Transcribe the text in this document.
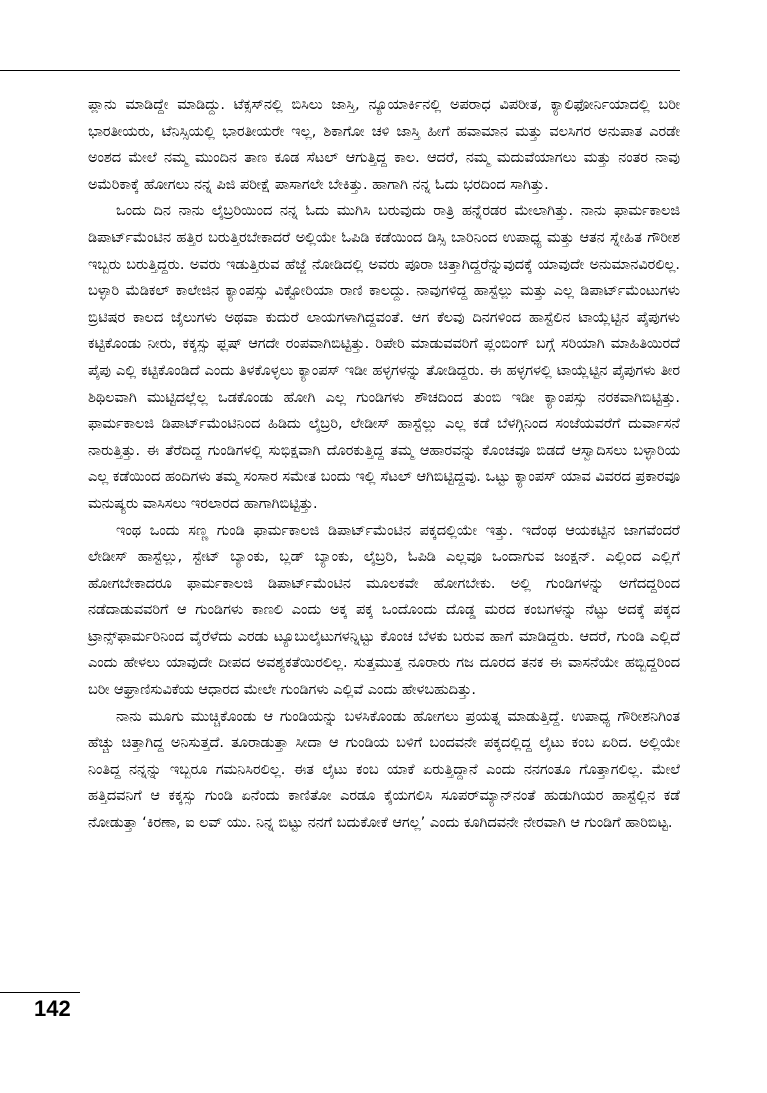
ಪ್ಲಾನು ಮಾಡಿದ್ದೇ ಮಾಡಿದ್ದು. ಟೆಕ್ಸಸ್‌ನಲ್ಲಿ ಬಿಸಿಲು ಜಾಸ್ತಿ, ನ್ಯೂಯಾರ್ಕಿನಲ್ಲಿ ಅಪರಾಧ ವಿಪರೀತ, ಕ್ಯಾಲಿಫೋರ್ನಿಯಾದಲ್ಲಿ ಬರೀ ಭಾರತೀಯರು, ಟೆನಿಸ್ಸಿಯಲ್ಲಿ ಭಾರತೀಯರೇ ಇಲ್ಲ, ಶಿಕಾಗೋ ಚಳಿ ಜಾಸ್ತಿ ಹೀಗೆ ಹವಾಮಾನ ಮತ್ತು ವಲಸಿಗರ ಅನುಪಾತ ಎರಡೇ ಅಂಶದ ಮೇಲೆ ನಮ್ಮ ಮುಂದಿನ ತಾಣ ಕೂಡ ಸೆಟಲ್ ಆಗುತ್ತಿದ್ದ ಕಾಲ. ಆದರೆ, ನಮ್ಮ ಮದುವೆಯಾಗಲು ಮತ್ತು ನಂತರ ನಾವು ಅಮೆರಿಕಾಕ್ಕೆ ಹೋಗಲು ನನ್ನ ಪಿಜಿ ಪರೀಕ್ಷೆ ಪಾಸಾಗಲೇ ಬೇಕಿತ್ತು. ಹಾಗಾಗಿ ನನ್ನ ಓದು ಭರದಿಂದ ಸಾಗಿತ್ತು.

ಒಂದು ದಿನ ನಾನು ಲೈಬ್ರರಿಯಿಂದ ನನ್ನ ಓದು ಮುಗಿಸಿ ಬರುವುದು ರಾತ್ರಿ ಹನ್ನೆರಡರ ಮೇಲಾಗಿತ್ತು. ನಾನು ಫಾರ್ಮಕಾಲಜಿ ಡಿಪಾರ್ಟ್‌ಮೆಂಟಿನ ಹತ್ತಿರ ಬರುತ್ತಿರಬೇಕಾದರೆ ಅಲ್ಲಿಯೇ ಓಪಿಡಿ ಕಡೆಯಿಂದ ಡಿಸ್ಸಿ ಬಾರಿನಿಂದ ಉಪಾಧ್ಯ ಮತ್ತು ಆತನ ಸ್ನೇಹಿತ ಗೌರೀಶ ಇಬ್ಬರು ಬರುತ್ತಿದ್ದರು. ಅವರು ಇಡುತ್ತಿರುವ ಹೆಜ್ಜೆ ನೋಡಿದಲ್ಲಿ ಅವರು ಪೂರಾ ಚಿತ್ತಾಗಿದ್ದರೆನ್ನುವುದಕ್ಕೆ ಯಾವುದೇ ಅನುಮಾನವಿರಲಿಲ್ಲ. ಬಳ್ಳಾರಿ ಮೆಡಿಕಲ್ ಕಾಲೇಜಿನ ಕ್ಯಾಂಪಸ್ಸು ವಿಕ್ಟೋರಿಯಾ ರಾಣಿ ಕಾಲದ್ದು. ನಾವುಗಳಿದ್ದ ಹಾಸ್ಟೆಲ್ಲು ಮತ್ತು ಎಲ್ಲ ಡಿಪಾರ್ಟ್‌ಮೆಂಟುಗಳು ಬ್ರಿಟಿಷರ ಕಾಲದ ಜೈಲುಗಳು ಅಥವಾ ಕುದುರೆ ಲಾಯಗಳಾಗಿದ್ದವಂತೆ. ಆಗ ಕೆಲವು ದಿನಗಳಿಂದ ಹಾಸ್ಟೆಲಿನ ಟಾಯ್ಲೆಟ್ಟಿನ ಪೈಪುಗಳು ಕಟ್ಟಿಕೊಂಡು ನೀರು, ಕಕ್ಕಸ್ಸು ಫ್ಲಷ್ ಆಗದೇ ರಂಪವಾಗಿಬಿಟ್ಟಿತ್ತು. ರಿಪೇರಿ ಮಾಡುವವರಿಗೆ ಪ್ಲಂಬಿಂಗ್ ಬಗ್ಗೆ ಸರಿಯಾಗಿ ಮಾಹಿತಿಯಿರದೆ ಪೈಪು ಎಲ್ಲಿ ಕಟ್ಟಿಕೊಂಡಿದೆ ಎಂದು ತಿಳಕೊಳ್ಳಲು ಕ್ಯಾಂಪಸ್ ಇಡೀ ಹಳ್ಳಗಳನ್ನು ತೋಡಿದ್ದರು. ಈ ಹಳ್ಳಗಳಲ್ಲಿ ಟಾಯ್ಲೆಟ್ಟಿನ ಪೈಪುಗಳು ತೀರ ಶಿಥಿಲವಾಗಿ ಮುಟ್ಟಿದಲ್ಲೆಲ್ಲ ಒಡಕೊಂಡು ಹೋಗಿ ಎಲ್ಲ ಗುಂಡಿಗಳು ಶೌಚದಿಂದ ತುಂಬಿ ಇಡೀ ಕ್ಯಾಂಪಸ್ಸು ನರಕವಾಗಿಬಿಟ್ಟಿತ್ತು. ಫಾರ್ಮಕಾಲಜಿ ಡಿಪಾರ್ಟ್‌ಮೆಂಟಿನಿಂದ ಹಿಡಿದು ಲೈಬ್ರರಿ, ಲೇಡೀಸ್ ಹಾಸ್ಟೆಲ್ಲು ಎಲ್ಲ ಕಡೆ ಬೆಳಗ್ಗಿನಿಂದ ಸಂಜೆಯವರೆಗೆ ದುರ್ವಾಸನೆ ನಾರುತ್ತಿತ್ತು. ಈ ತೆರೆದಿದ್ದ ಗುಂಡಿಗಳಲ್ಲಿ ಸುಭಿಕ್ಷವಾಗಿ ದೊರಕುತ್ತಿದ್ದ ತಮ್ಮ ಆಹಾರವನ್ನು ಕೊಂಚವೂ ಬಿಡದೆ ಆಸ್ವಾದಿಸಲು ಬಳ್ಳಾರಿಯ ಎಲ್ಲ ಕಡೆಯಿಂದ ಹಂದಿಗಳು ತಮ್ಮ ಸಂಸಾರ ಸಮೇತ ಬಂದು ಇಲ್ಲಿ ಸೆಟಲ್ ಆಗಿಬಿಟ್ಟಿದ್ದವು. ಒಟ್ಟು ಕ್ಯಾಂಪಸ್ ಯಾವ ವಿವರದ ಪ್ರಕಾರವೂ ಮನುಷ್ಯರು ವಾಸಿಸಲು ಇರಲಾರದ ಹಾಗಾಗಿಬಿಟ್ಟಿತ್ತು.

ಇಂಥ ಒಂದು ಸಣ್ಣ ಗುಂಡಿ ಫಾರ್ಮಕಾಲಜಿ ಡಿಪಾರ್ಟ್‌ಮೆಂಟಿನ ಪಕ್ಕದಲ್ಲಿಯೇ ಇತ್ತು. ಇದೆಂಥ ಆಯಕಟ್ಟಿನ ಜಾಗವೆಂದರೆ ಲೇಡೀಸ್ ಹಾಸ್ಟೆಲ್ಲು, ಸ್ಟೇಟ್ ಬ್ಯಾಂಕು, ಬ್ಲಡ್ ಬ್ಯಾಂಕು, ಲೈಬ್ರರಿ, ಓಪಿಡಿ ಎಲ್ಲವೂ ಒಂದಾಗುವ ಜಂಕ್ಷನ್. ಎಲ್ಲಿಂದ ಎಲ್ಲಿಗೆ ಹೋಗಬೇಕಾದರೂ ಫಾರ್ಮಕಾಲಜಿ ಡಿಪಾರ್ಟ್‌ಮೆಂಟಿನ ಮೂಲಕವೇ ಹೋಗಬೇಕು. ಅಲ್ಲಿ ಗುಂಡಿಗಳನ್ನು ಅಗೆದದ್ದರಿಂದ ನಡೆದಾಡುವವರಿಗೆ ಆ ಗುಂಡಿಗಳು ಕಾಣಲಿ ಎಂದು ಅಕ್ಕ ಪಕ್ಕ ಒಂದೊಂದು ದೊಡ್ಡ ಮರದ ಕಂಬಗಳನ್ನು ನೆಟ್ಟು ಅದಕ್ಕೆ ಪಕ್ಕದ ಟ್ರಾನ್ಸ್‌ಫಾರ್ಮರಿನಿಂದ ವೈರೆಳೆದು ಎರಡು ಟ್ಯೂಬುಲೈಟುಗಳನ್ನಿಟ್ಟು ಕೊಂಚ ಬೆಳಕು ಬರುವ ಹಾಗೆ ಮಾಡಿದ್ದರು. ಆದರೆ, ಗುಂಡಿ ಎಲ್ಲಿದೆ ಎಂದು ಹೇಳಲು ಯಾವುದೇ ದೀಪದ ಅವಶ್ಯಕತೆಯಿರಲಿಲ್ಲ. ಸುತ್ತಮುತ್ತ ನೂರಾರು ಗಜ ದೂರದ ತನಕ ಈ ವಾಸನೆಯೇ ಹಬ್ಬಿದ್ದರಿಂದ ಬರೀ ಆಘ್ರಾಣಿಸುವಿಕೆಯ ಆಧಾರದ ಮೇಲೇ ಗುಂಡಿಗಳು ಎಲ್ಲಿವೆ ಎಂದು ಹೇಳಬಹುದಿತ್ತು.

ನಾನು ಮೂಗು ಮುಚ್ಚಿಕೊಂಡು ಆ ಗುಂಡಿಯನ್ನು ಬಳಸಿಕೊಂಡು ಹೋಗಲು ಪ್ರಯತ್ನ ಮಾಡುತ್ತಿದ್ದೆ. ಉಪಾಧ್ಯ ಗೌರೀಶನಿಗಿಂತ ಹೆಚ್ಚು ಚಿತ್ತಾಗಿದ್ದ ಅನಿಸುತ್ತದೆ. ತೂರಾಡುತ್ತಾ ಸೀದಾ ಆ ಗುಂಡಿಯ ಬಳಿಗೆ ಬಂದವನೇ ಪಕ್ಕದಲ್ಲಿದ್ದ ಲೈಟು ಕಂಬ ಏರಿದ. ಅಲ್ಲಿಯೇ ನಿಂತಿದ್ದ ನನ್ನನ್ನು ಇಬ್ಬರೂ ಗಮನಿಸಿರಲಿಲ್ಲ. ಈತ ಲೈಟು ಕಂಬ ಯಾಕೆ ಏರುತ್ತಿದ್ದಾನೆ ಎಂದು ನನಗಂತೂ ಗೊತ್ತಾಗಲಿಲ್ಲ. ಮೇಲೆ ಹತ್ತಿದವನಿಗೆ ಆ ಕಕ್ಕಸ್ಸು ಗುಂಡಿ ಏನೆಂದು ಕಾಣಿತೋ ಎರಡೂ ಕೈಯಗಲಿಸಿ ಸೂಪರ್‌ಮ್ಯಾನ್‌ನಂತೆ ಹುಡುಗಿಯರ ಹಾಸ್ಟೆಲ್ಲಿನ ಕಡೆ ನೋಡುತ್ತಾ ‘ಕಿರಣಾ, ಐ ಲವ್ ಯು. ನಿನ್ನ ಬಿಟ್ಟು ನನಗೆ ಬದುಕೋಕೆ ಆಗಲ್ಲ’ ಎಂದು ಕೂಗಿದವನೇ ನೇರವಾಗಿ ಆ ಗುಂಡಿಗೆ ಹಾರಿಬಿಟ್ಟ.

142
